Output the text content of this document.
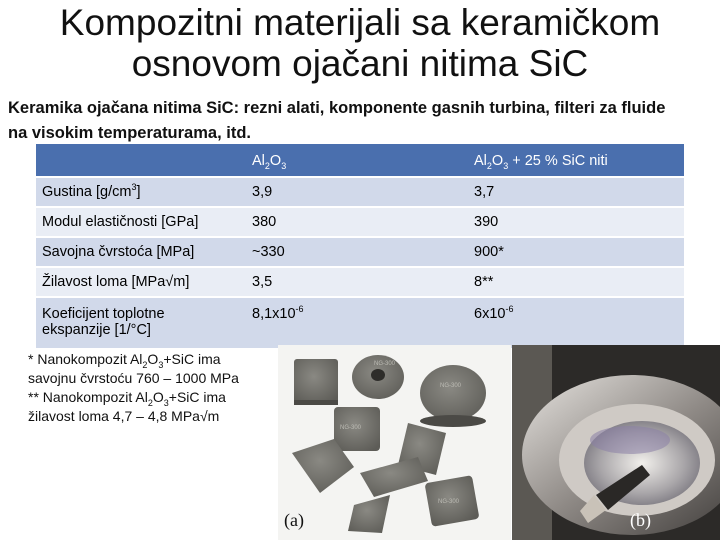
Kompozitni materijali sa keramičkom
osnovom ojačani nitima SiC
Keramika ojačana nitima SiC: rezni alati, komponente gasnih turbina, filteri za fluide
na visokim temperaturama, itd.
	$Al_2O_3$	$Al_2O_3 + 25$ % SiC niti
Gustina $[g/cm^3]$	3,9	3,7
Modul elastičnosti [GPa]	380	390
Savojna čvrstoća [MPa]	~330	900*
Žilavost loma [MPa√m]	3,5	8**
Koeficijent toplotne
ekspanzije [1/°C]	$8,1x10^{-6}$	$6x10^{-6}$
* Nanokompozit $Al_2O_3+SiC$ ima
savojnu čvrstoću 760 – 1000 MPa
** Nanokompozit $Al_2O_3+SiC$ ima
žilavost loma 4,7 – 4,8 MPa√m
NG-300
NG-300
NG-300
NG-300
(a)	(b)
